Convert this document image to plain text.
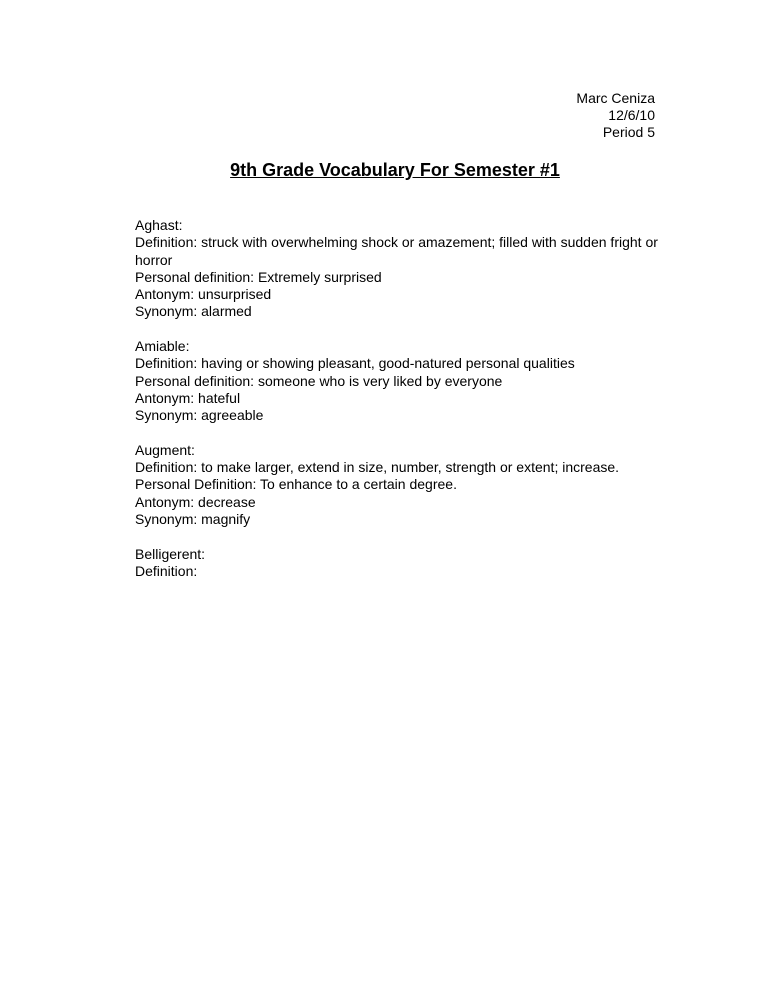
Marc Ceniza
12/6/10
Period 5
9th Grade Vocabulary For Semester #1
Aghast:
Definition: struck with overwhelming shock or amazement; filled with sudden fright or horror
Personal definition: Extremely surprised
Antonym: unsurprised
Synonym: alarmed
Amiable:
Definition: having or showing pleasant, good-natured personal qualities
Personal definition: someone who is very liked by everyone
Antonym: hateful
Synonym: agreeable
Augment:
Definition: to make larger, extend in size, number, strength or extent; increase.
Personal Definition: To enhance to a certain degree.
Antonym: decrease
Synonym: magnify
Belligerent:
Definition:
